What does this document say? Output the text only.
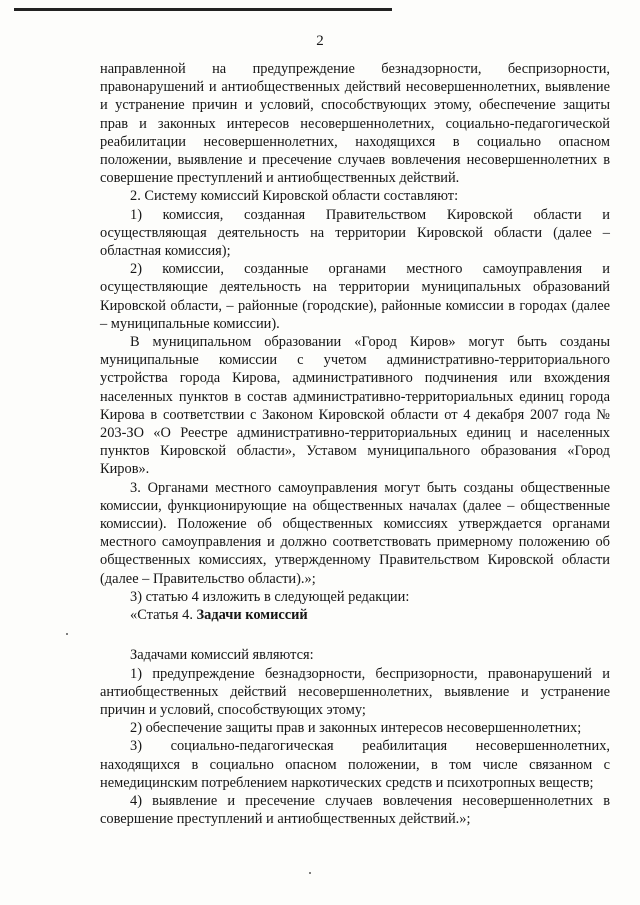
2

направленной на предупреждение безнадзорности, беспризорности, правонарушений и антиобщественных действий несовершеннолетних, выявление и устранение причин и условий, способствующих этому, обеспечение защиты прав и законных интересов несовершеннолетних, социально-педагогической реабилитации несовершеннолетних, находящихся в социально опасном положении, выявление и пресечение случаев вовлечения несовершеннолетних в совершение преступлений и антиобщественных действий.

2. Систему комиссий Кировской области составляют:

1) комиссия, созданная Правительством Кировской области и осуществляющая деятельность на территории Кировской области (далее – областная комиссия);

2) комиссии, созданные органами местного самоуправления и осуществляющие деятельность на территории муниципальных образований Кировской области, – районные (городские), районные комиссии в городах (далее – муниципальные комиссии).

В муниципальном образовании «Город Киров» могут быть созданы муниципальные комиссии с учетом административно-территориального устройства города Кирова, административного подчинения или вхождения населенных пунктов в состав административно-территориальных единиц города Кирова в соответствии с Законом Кировской области от 4 декабря 2007 года № 203-ЗО «О Реестре административно-территориальных единиц и населенных пунктов Кировской области», Уставом муниципального образования «Город Киров».

3. Органами местного самоуправления могут быть созданы общественные комиссии, функционирующие на общественных началах (далее – общественные комиссии). Положение об общественных комиссиях утверждается органами местного самоуправления и должно соответствовать примерному положению об общественных комиссиях, утвержденному Правительством Кировской области (далее – Правительство области).»;

3) статью 4 изложить в следующей редакции:

«Статья 4. Задачи комиссий

Задачами комиссий являются:

1) предупреждение безнадзорности, беспризорности, правонарушений и антиобщественных действий несовершеннолетних, выявление и устранение причин и условий, способствующих этому;

2) обеспечение защиты прав и законных интересов несовершеннолетних;

3) социально-педагогическая реабилитация несовершеннолетних, находящихся в социально опасном положении, в том числе связанном с немедицинским потреблением наркотических средств и психотропных веществ;

4) выявление и пресечение случаев вовлечения несовершеннолетних в совершение преступлений и антиобщественных действий.»;
